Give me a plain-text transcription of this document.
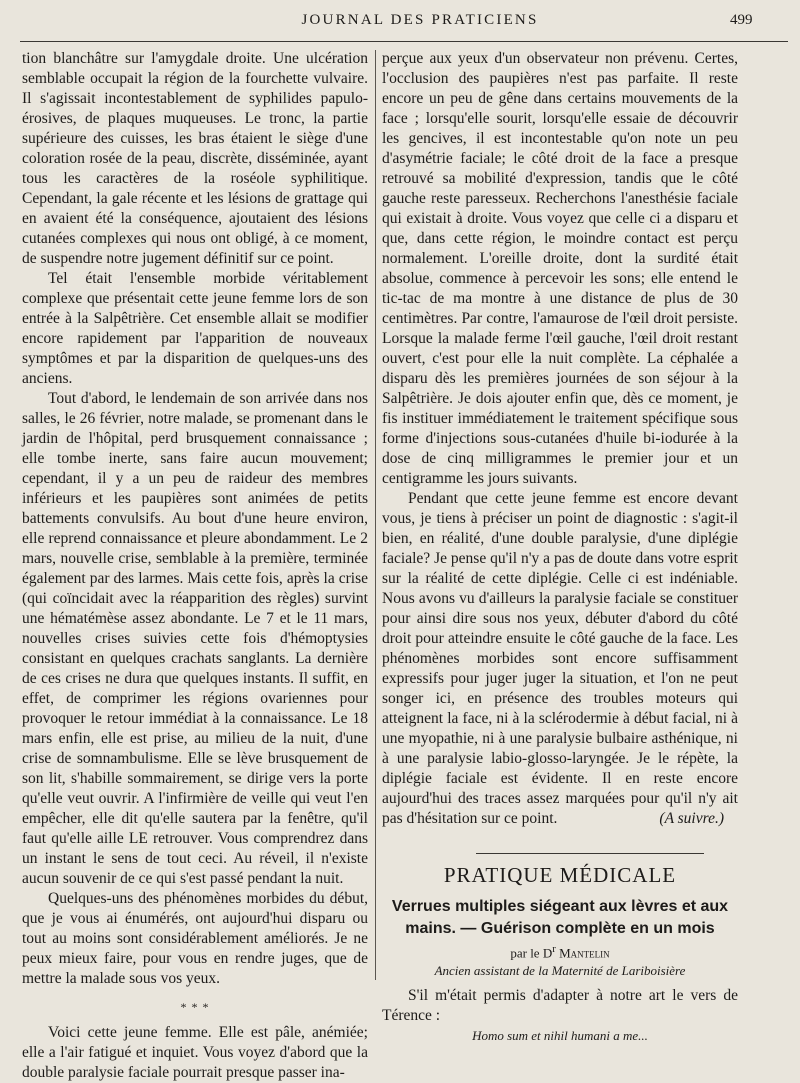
JOURNAL DES PRATICIENS	499

tion blanchâtre sur l'amygdale droite. Une ulcération semblable occupait la région de la fourchette vulvaire. Il s'agissait incontestablement de syphilides papulo-érosives, de plaques muqueuses. Le tronc, la partie supérieure des cuisses, les bras étaient le siège d'une coloration rosée de la peau, discrète, disséminée, ayant tous les caractères de la roséole syphilitique. Cependant, la gale récente et les lésions de grattage qui en avaient été la conséquence, ajoutaient des lésions cutanées complexes qui nous ont obligé, à ce moment, de suspendre notre jugement définitif sur ce point.

Tel était l'ensemble morbide véritablement complexe que présentait cette jeune femme lors de son entrée à la Salpêtrière. Cet ensemble allait se modifier encore rapidement par l'apparition de nouveaux symptômes et par la disparition de quelques-uns des anciens.

Tout d'abord, le lendemain de son arrivée dans nos salles, le 26 février, notre malade, se promenant dans le jardin de l'hôpital, perd brusquement connaissance ; elle tombe inerte, sans faire aucun mouvement; cependant, il y a un peu de raideur des membres inférieurs et les paupières sont animées de petits battements convulsifs. Au bout d'une heure environ, elle reprend connaissance et pleure abondamment. Le 2 mars, nouvelle crise, semblable à la première, terminée également par des larmes. Mais cette fois, après la crise (qui coïncidait avec la réapparition des règles) survint une hématémèse assez abondante. Le 7 et le 11 mars, nouvelles crises suivies cette fois d'hémoptysies consistant en quelques crachats sanglants. La dernière de ces crises ne dura que quelques instants. Il suffit, en effet, de comprimer les régions ovariennes pour provoquer le retour immédiat à la connaissance. Le 18 mars enfin, elle est prise, au milieu de la nuit, d'une crise de somnambulisme. Elle se lève brusquement de son lit, s'habille sommairement, se dirige vers la porte qu'elle veut ouvrir. A l'infirmière de veille qui veut l'en empêcher, elle dit qu'elle sautera par la fenêtre, qu'il faut qu'elle aille LE retrouver. Vous comprendrez dans un instant le sens de tout ceci. Au réveil, il n'existe aucun souvenir de ce qui s'est passé pendant la nuit.

Quelques-uns des phénomènes morbides du début, que je vous ai énumérés, ont aujourd'hui disparu ou tout au moins sont considérablement améliorés. Je ne peux mieux faire, pour vous en rendre juges, que de mettre la malade sous vos yeux.

* * *

Voici cette jeune femme. Elle est pâle, anémiée; elle a l'air fatigué et inquiet. Vous voyez d'abord que la double paralysie faciale pourrait presque passer ina-

perçue aux yeux d'un observateur non prévenu. Certes, l'occlusion des paupières n'est pas parfaite. Il reste encore un peu de gêne dans certains mouvements de la face ; lorsqu'elle sourit, lorsqu'elle essaie de découvrir les gencives, il est incontestable qu'on note un peu d'asymétrie faciale; le côté droit de la face a presque retrouvé sa mobilité d'expression, tandis que le côté gauche reste paresseux. Recherchons l'anesthésie faciale qui existait à droite. Vous voyez que celle ci a disparu et que, dans cette région, le moindre contact est perçu normalement. L'oreille droite, dont la surdité était absolue, commence à percevoir les sons; elle entend le tic-tac de ma montre à une distance de plus de 30 centimètres. Par contre, l'amaurose de l'œil droit persiste. Lorsque la malade ferme l'œil gauche, l'œil droit restant ouvert, c'est pour elle la nuit complète. La céphalée a disparu dès les premières journées de son séjour à la Salpêtrière. Je dois ajouter enfin que, dès ce moment, je fis instituer immédiatement le traitement spécifique sous forme d'injections sous-cutanées d'huile bi-iodurée à la dose de cinq milligrammes le premier jour et un centigramme les jours suivants.

Pendant que cette jeune femme est encore devant vous, je tiens à préciser un point de diagnostic : s'agit-il bien, en réalité, d'une double paralysie, d'une diplégie faciale? Je pense qu'il n'y a pas de doute dans votre esprit sur la réalité de cette diplégie. Celle ci est indéniable. Nous avons vu d'ailleurs la paralysie faciale se constituer pour ainsi dire sous nos yeux, débuter d'abord du côté droit pour atteindre ensuite le côté gauche de la face. Les phénomènes morbides sont encore suffisamment expressifs pour juger juger la situation, et l'on ne peut songer ici, en présence des troubles moteurs qui atteignent la face, ni à la sclérodermie à début facial, ni à une myopathie, ni à une paralysie bulbaire asthénique, ni à une paralysie labio-glosso-laryngée. Je le répète, la diplégie faciale est évidente. Il en reste encore aujourd'hui des traces assez marquées pour qu'il n'y ait pas d'hésitation sur ce point.	(A suivre.)

PRATIQUE MÉDICALE

Verrues multiples siégeant aux lèvres et aux mains. — Guérison complète en un mois

par le $D^r$ Mantelin

Ancien assistant de la Maternité de Lariboisière

S'il m'était permis d'adapter à notre art le vers de Térence :

Homo sum et nihil humani a me...
